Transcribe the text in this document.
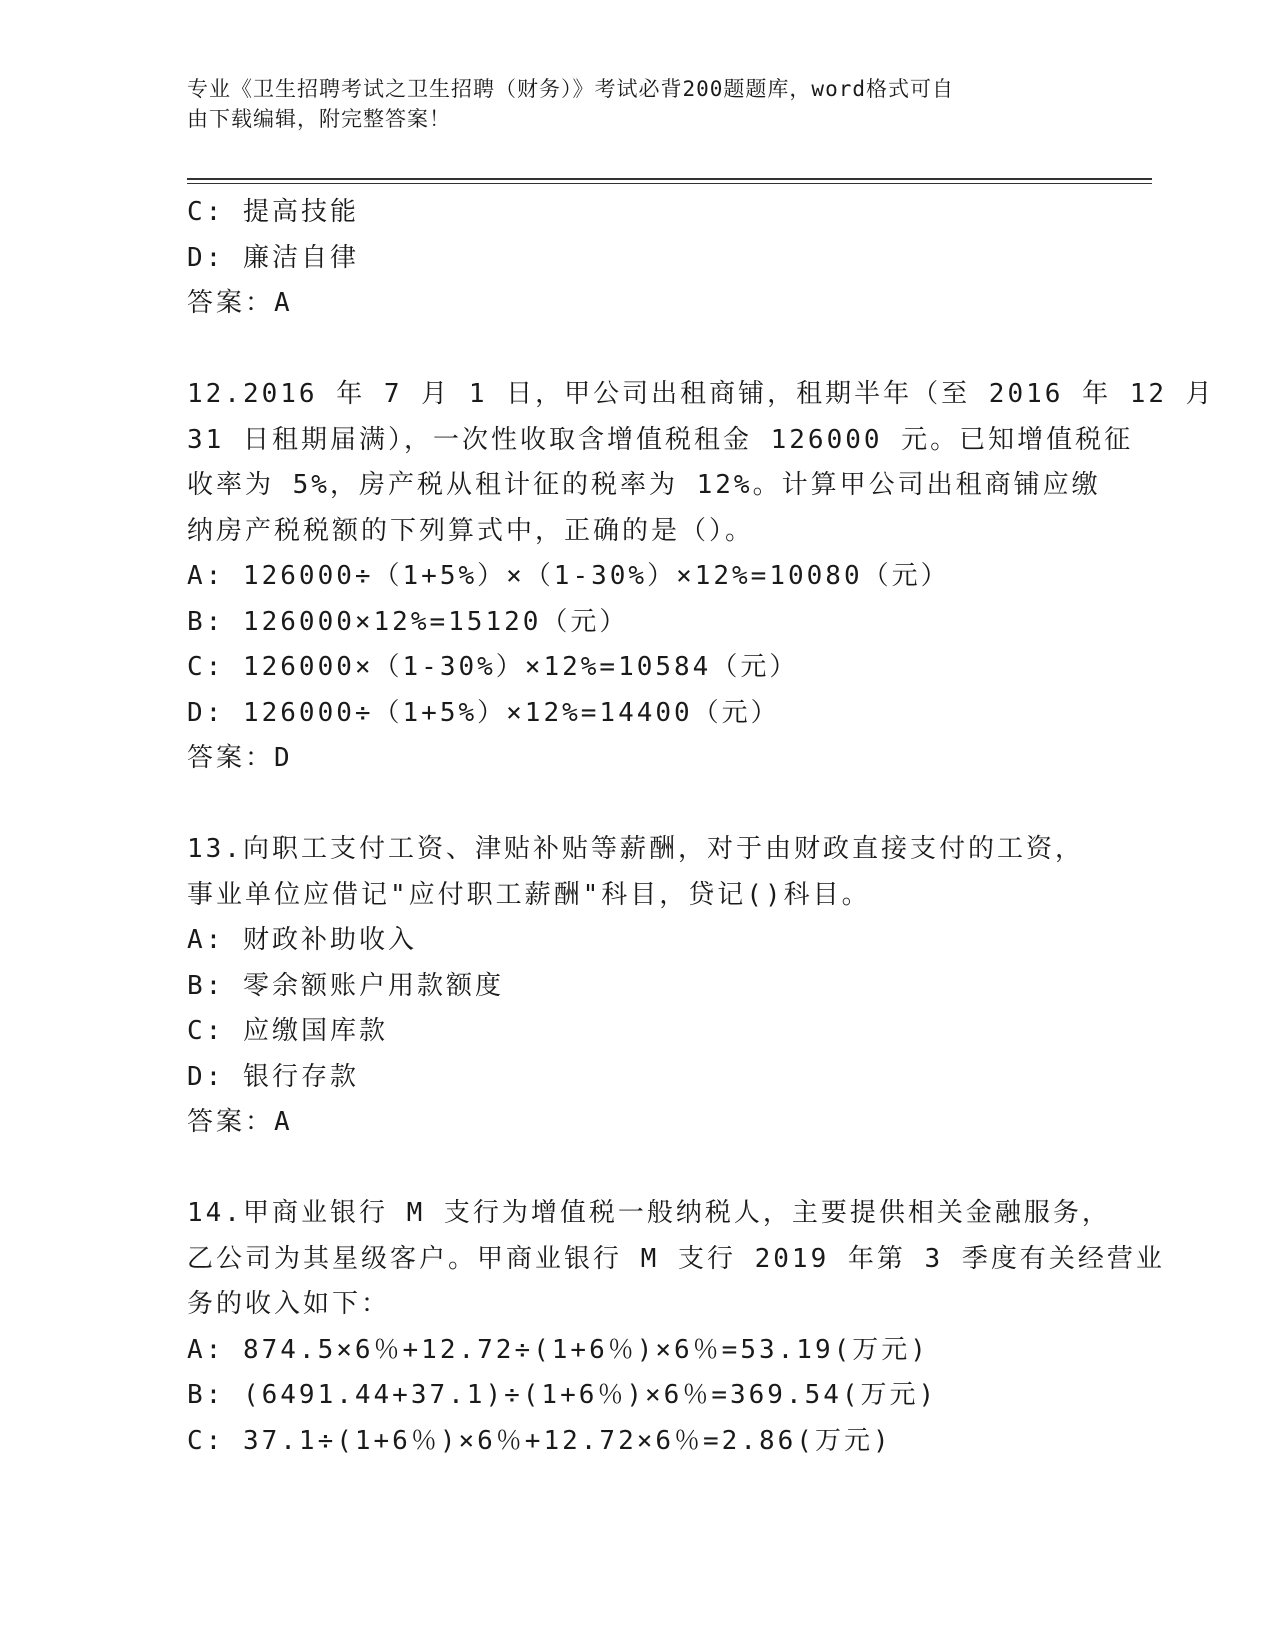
专业《卫生招聘考试之卫生招聘（财务）》考试必背200题题库，word格式可自
由下载编辑，附完整答案！
C: 提高技能
D: 廉洁自律
答案：A
12.2016 年 7 月 1 日，甲公司出租商铺，租期半年（至 2016 年 12 月
31 日租期届满），一次性收取含增值税租金 126000 元。已知增值税征
收率为 5%，房产税从租计征的税率为 12%。计算甲公司出租商铺应缴
纳房产税税额的下列算式中，正确的是（）。
A: 126000÷（1+5%）×（1-30%）×12%=10080（元）
B: 126000×12%=15120（元）
C: 126000×（1-30%）×12%=10584（元）
D: 126000÷（1+5%）×12%=14400（元）
答案：D
13.向职工支付工资、津贴补贴等薪酬，对于由财政直接支付的工资，
事业单位应借记"应付职工薪酬"科目，贷记()科目。
A: 财政补助收入
B: 零余额账户用款额度
C: 应缴国库款
D: 银行存款
答案：A
14.甲商业银行 M 支行为增值税一般纳税人，主要提供相关金融服务，
乙公司为其星级客户。甲商业银行 M 支行 2019 年第 3 季度有关经营业
务的收入如下：
A: 874.5×6％+12.72÷(1+6％)×6％=53.19(万元)
B: (6491.44+37.1)÷(1+6％)×6％=369.54(万元)
C: 37.1÷(1+6％)×6％+12.72×6％=2.86(万元)
